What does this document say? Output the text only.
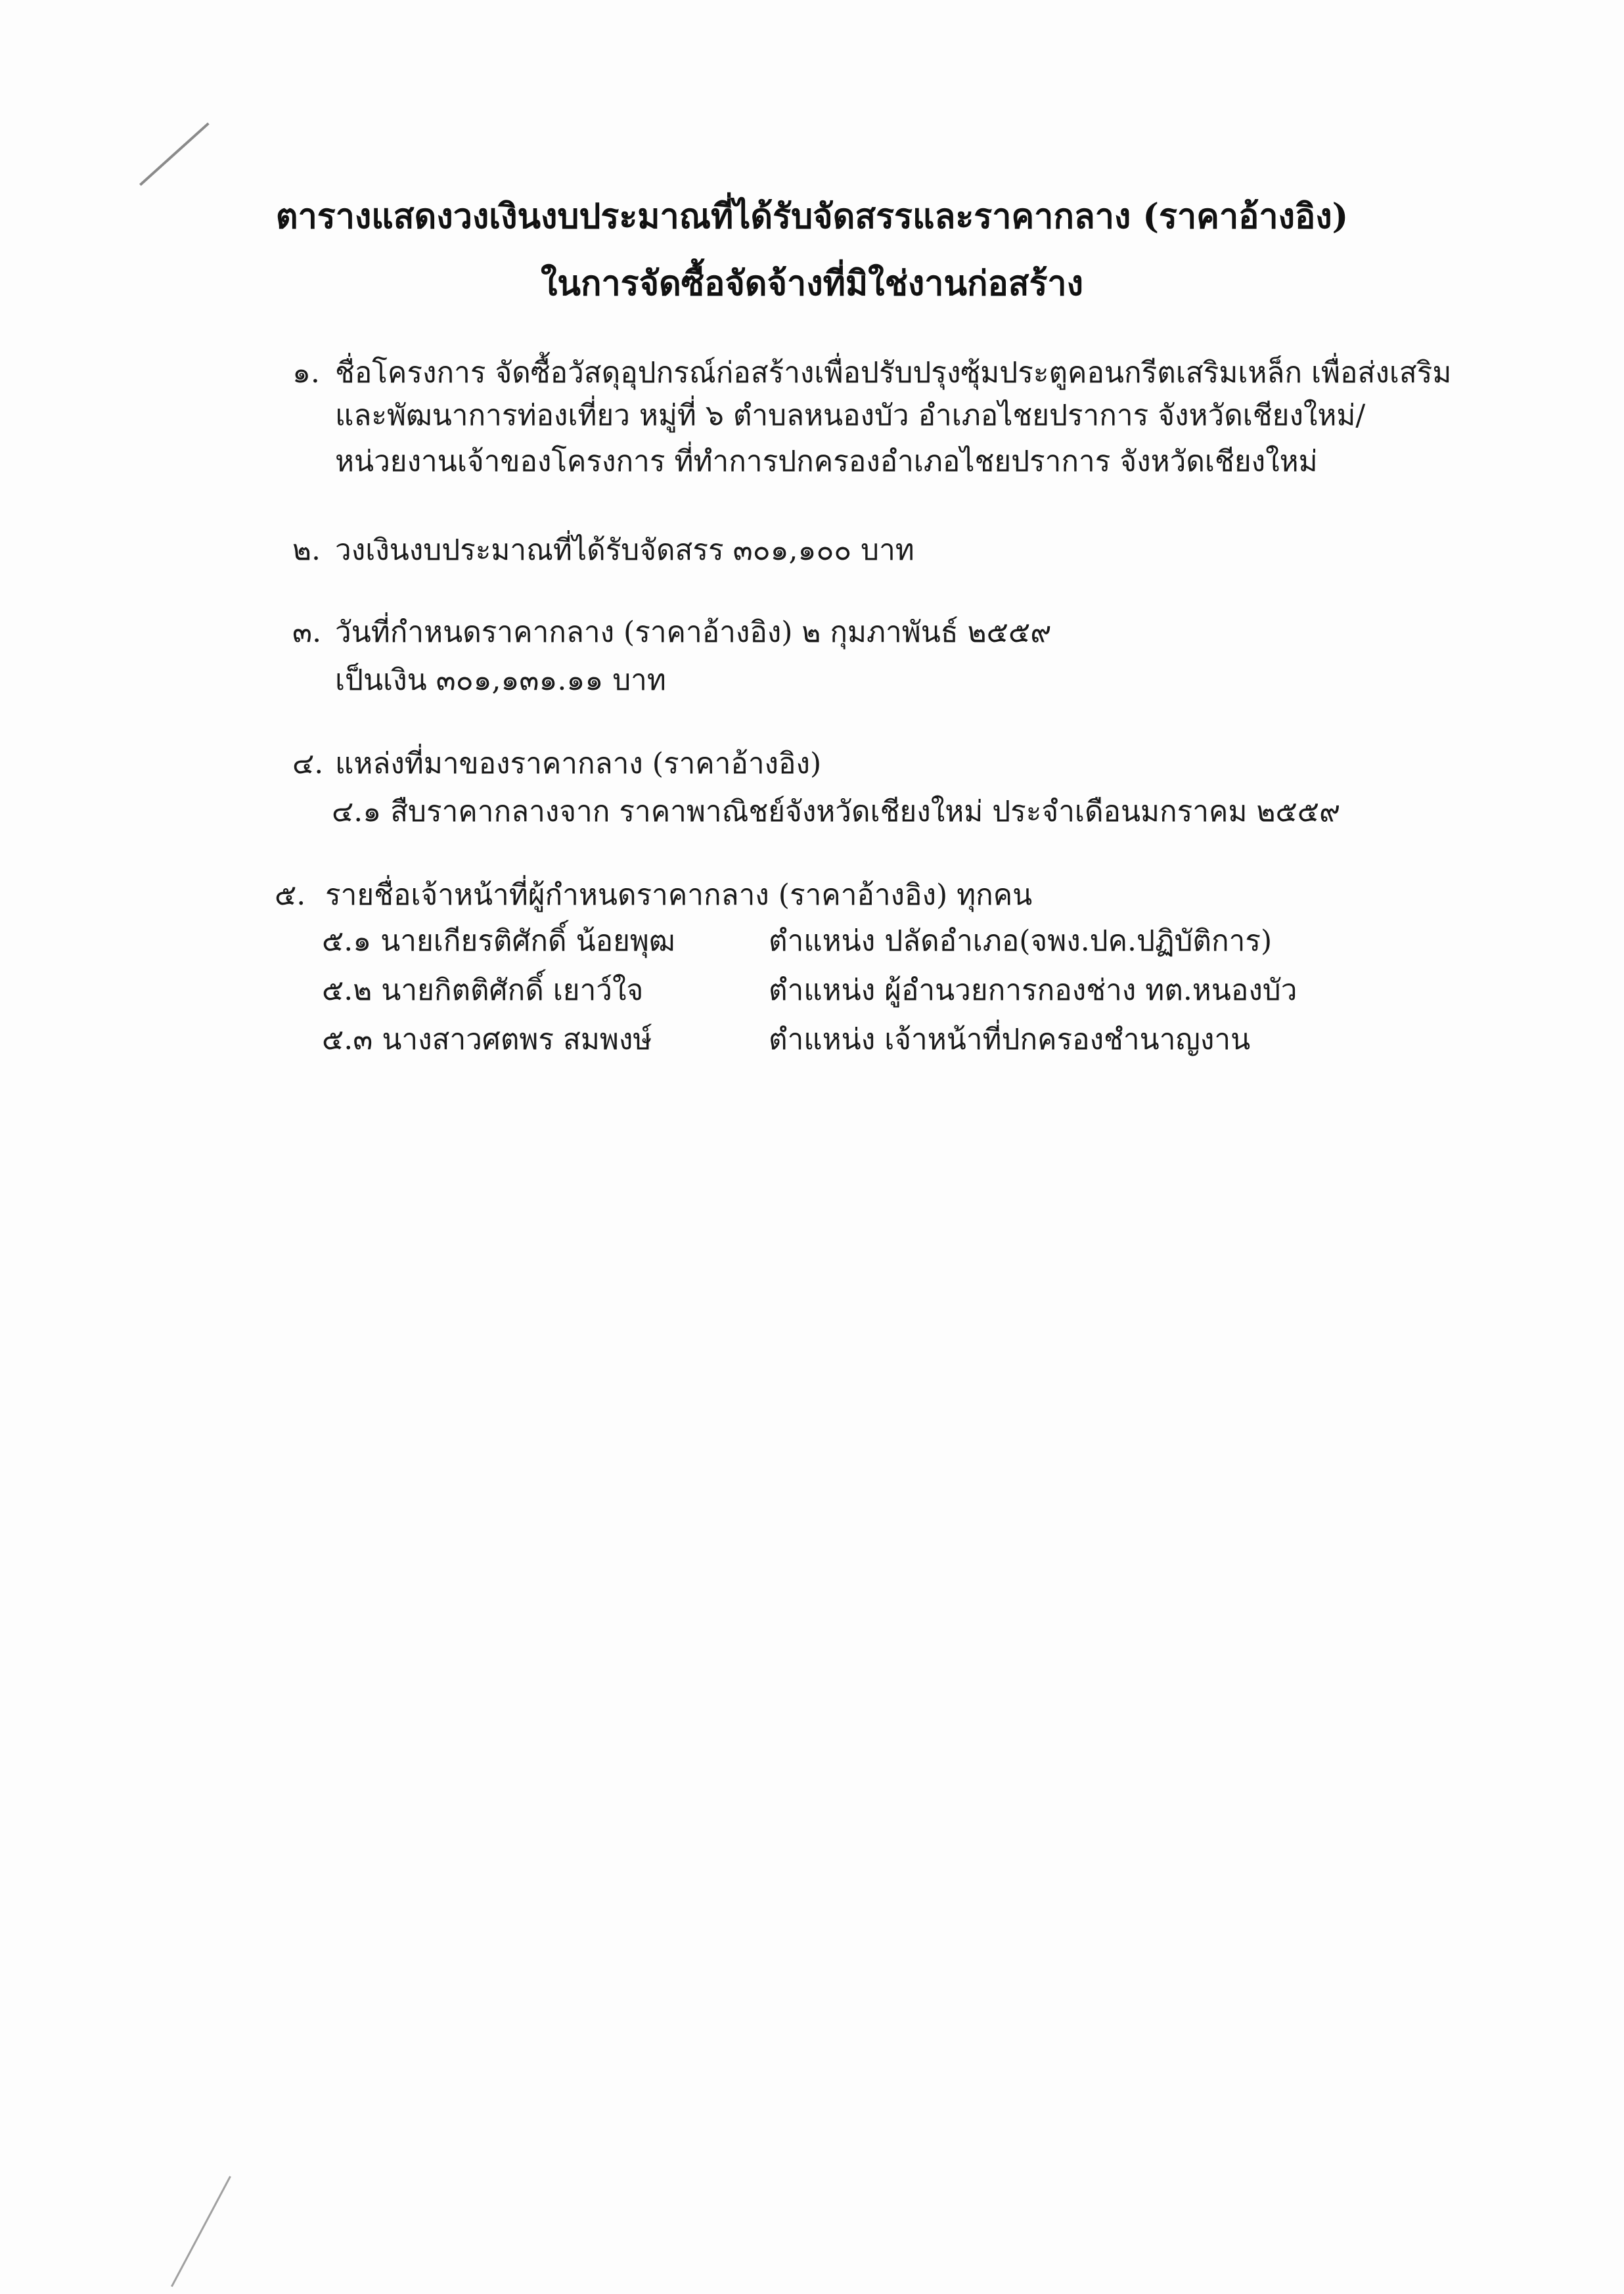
ตารางแสดงวงเงินงบประมาณที่ได้รับจัดสรรและราคากลาง (ราคาอ้างอิง)
ในการจัดซื้อจัดจ้างที่มิใช่งานก่อสร้าง
๑. ชื่อโครงการ จัดซื้อวัสดุอุปกรณ์ก่อสร้างเพื่อปรับปรุงซุ้มประตูคอนกรีตเสริมเหล็ก เพื่อส่งเสริม
และพัฒนาการท่องเที่ยว หมู่ที่ ๖ ตำบลหนองบัว อำเภอไชยปราการ จังหวัดเชียงใหม่/
หน่วยงานเจ้าของโครงการ ที่ทำการปกครองอำเภอไชยปราการ จังหวัดเชียงใหม่
๒. วงเงินงบประมาณที่ได้รับจัดสรร ๓๐๑,๑๐๐ บาท
๓. วันที่กำหนดราคากลาง (ราคาอ้างอิง) ๒ กุมภาพันธ์ ๒๕๕๙
เป็นเงิน ๓๐๑,๑๓๑.๑๑ บาท
๔. แหล่งที่มาของราคากลาง (ราคาอ้างอิง)
๔.๑ สืบราคากลางจาก ราคาพาณิชย์จังหวัดเชียงใหม่ ประจำเดือนมกราคม ๒๕๕๙
๕. รายชื่อเจ้าหน้าที่ผู้กำหนดราคากลาง (ราคาอ้างอิง) ทุกคน
๕.๑ นายเกียรติศักดิ์ น้อยพุฒ	ตำแหน่ง ปลัดอำเภอ(จพง.ปค.ปฏิบัติการ)
๕.๒ นายกิตติศักดิ์ เยาว์ใจ	ตำแหน่ง ผู้อำนวยการกองช่าง ทต.หนองบัว
๕.๓ นางสาวศตพร สมพงษ์	ตำแหน่ง เจ้าหน้าที่ปกครองชำนาญงาน
